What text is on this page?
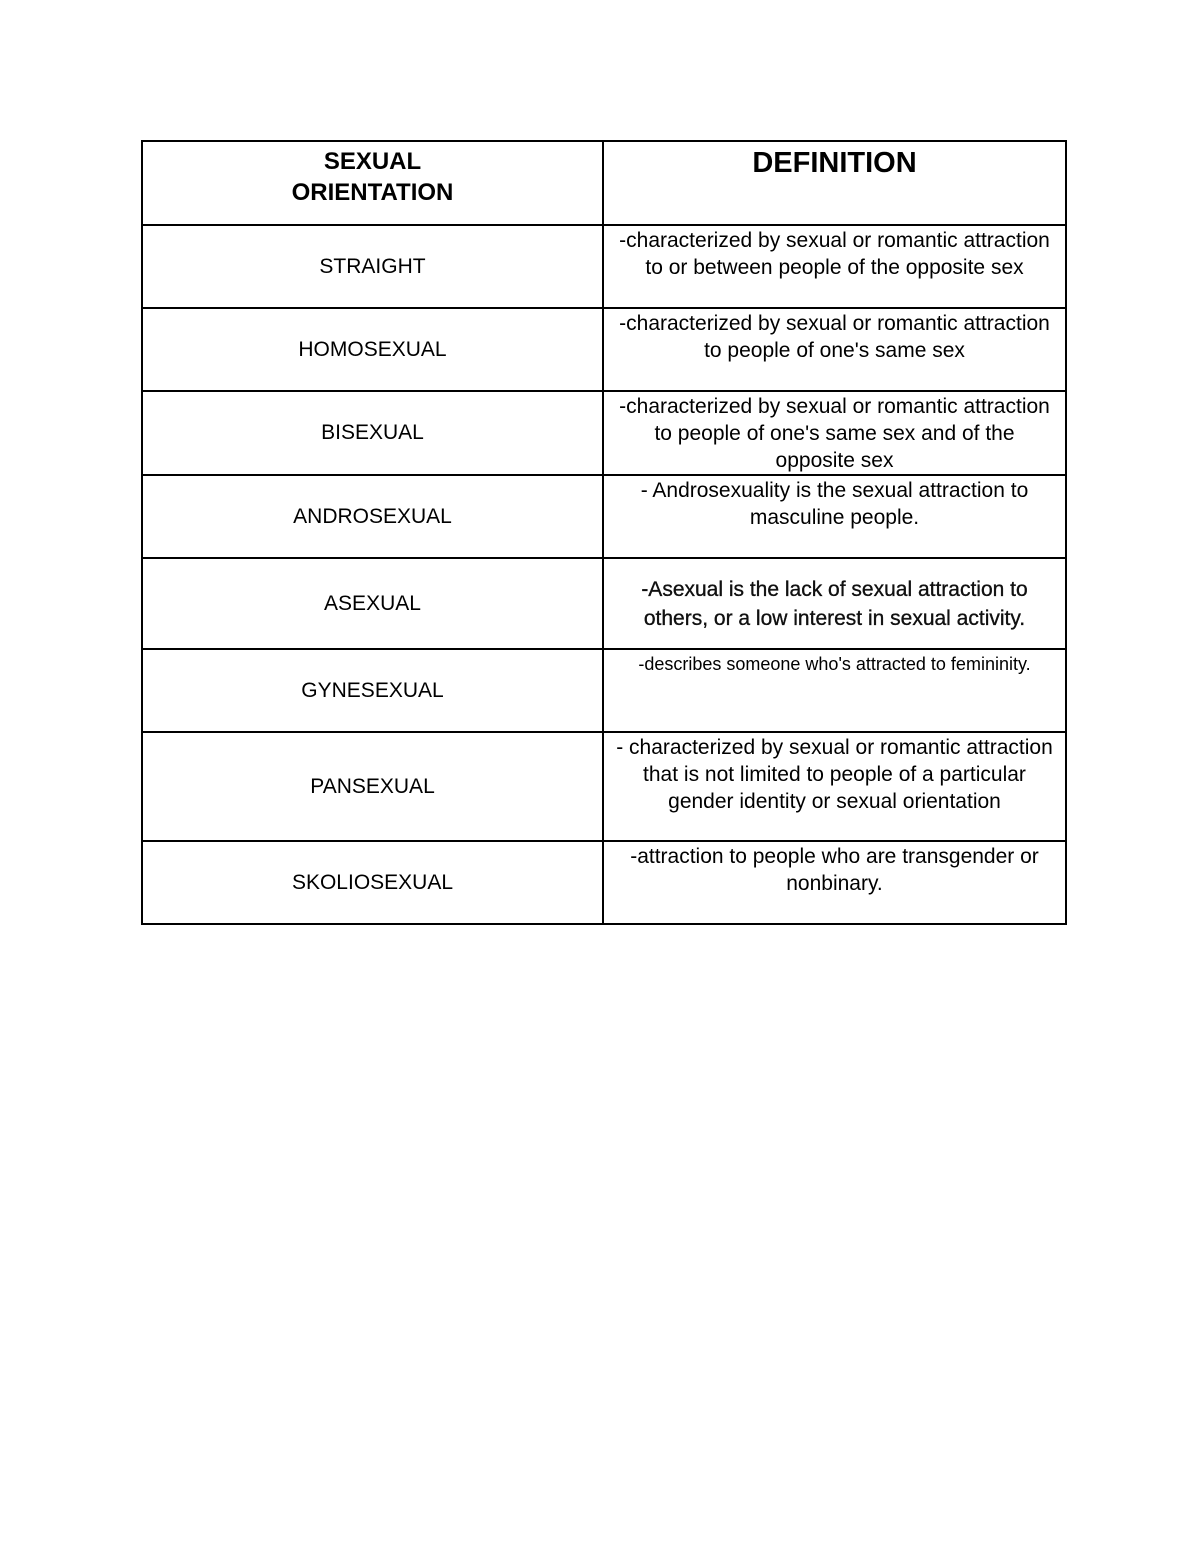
SEXUAL
ORIENTATION	DEFINITION
STRAIGHT	-characterized by sexual or romantic attraction to or between people of the opposite sex
HOMOSEXUAL	-characterized by sexual or romantic attraction to people of one's same sex
BISEXUAL	-characterized by sexual or romantic attraction to people of one's same sex and of the opposite sex
ANDROSEXUAL	- Androsexuality is the sexual attraction to masculine people.
ASEXUAL	-Asexual is the lack of sexual attraction to others, or a low interest in sexual activity.
GYNESEXUAL	-describes someone who's attracted to femininity.
PANSEXUAL	- characterized by sexual or romantic attraction that is not limited to people of a particular gender identity or sexual orientation
SKOLIOSEXUAL	-attraction to people who are transgender or nonbinary.
